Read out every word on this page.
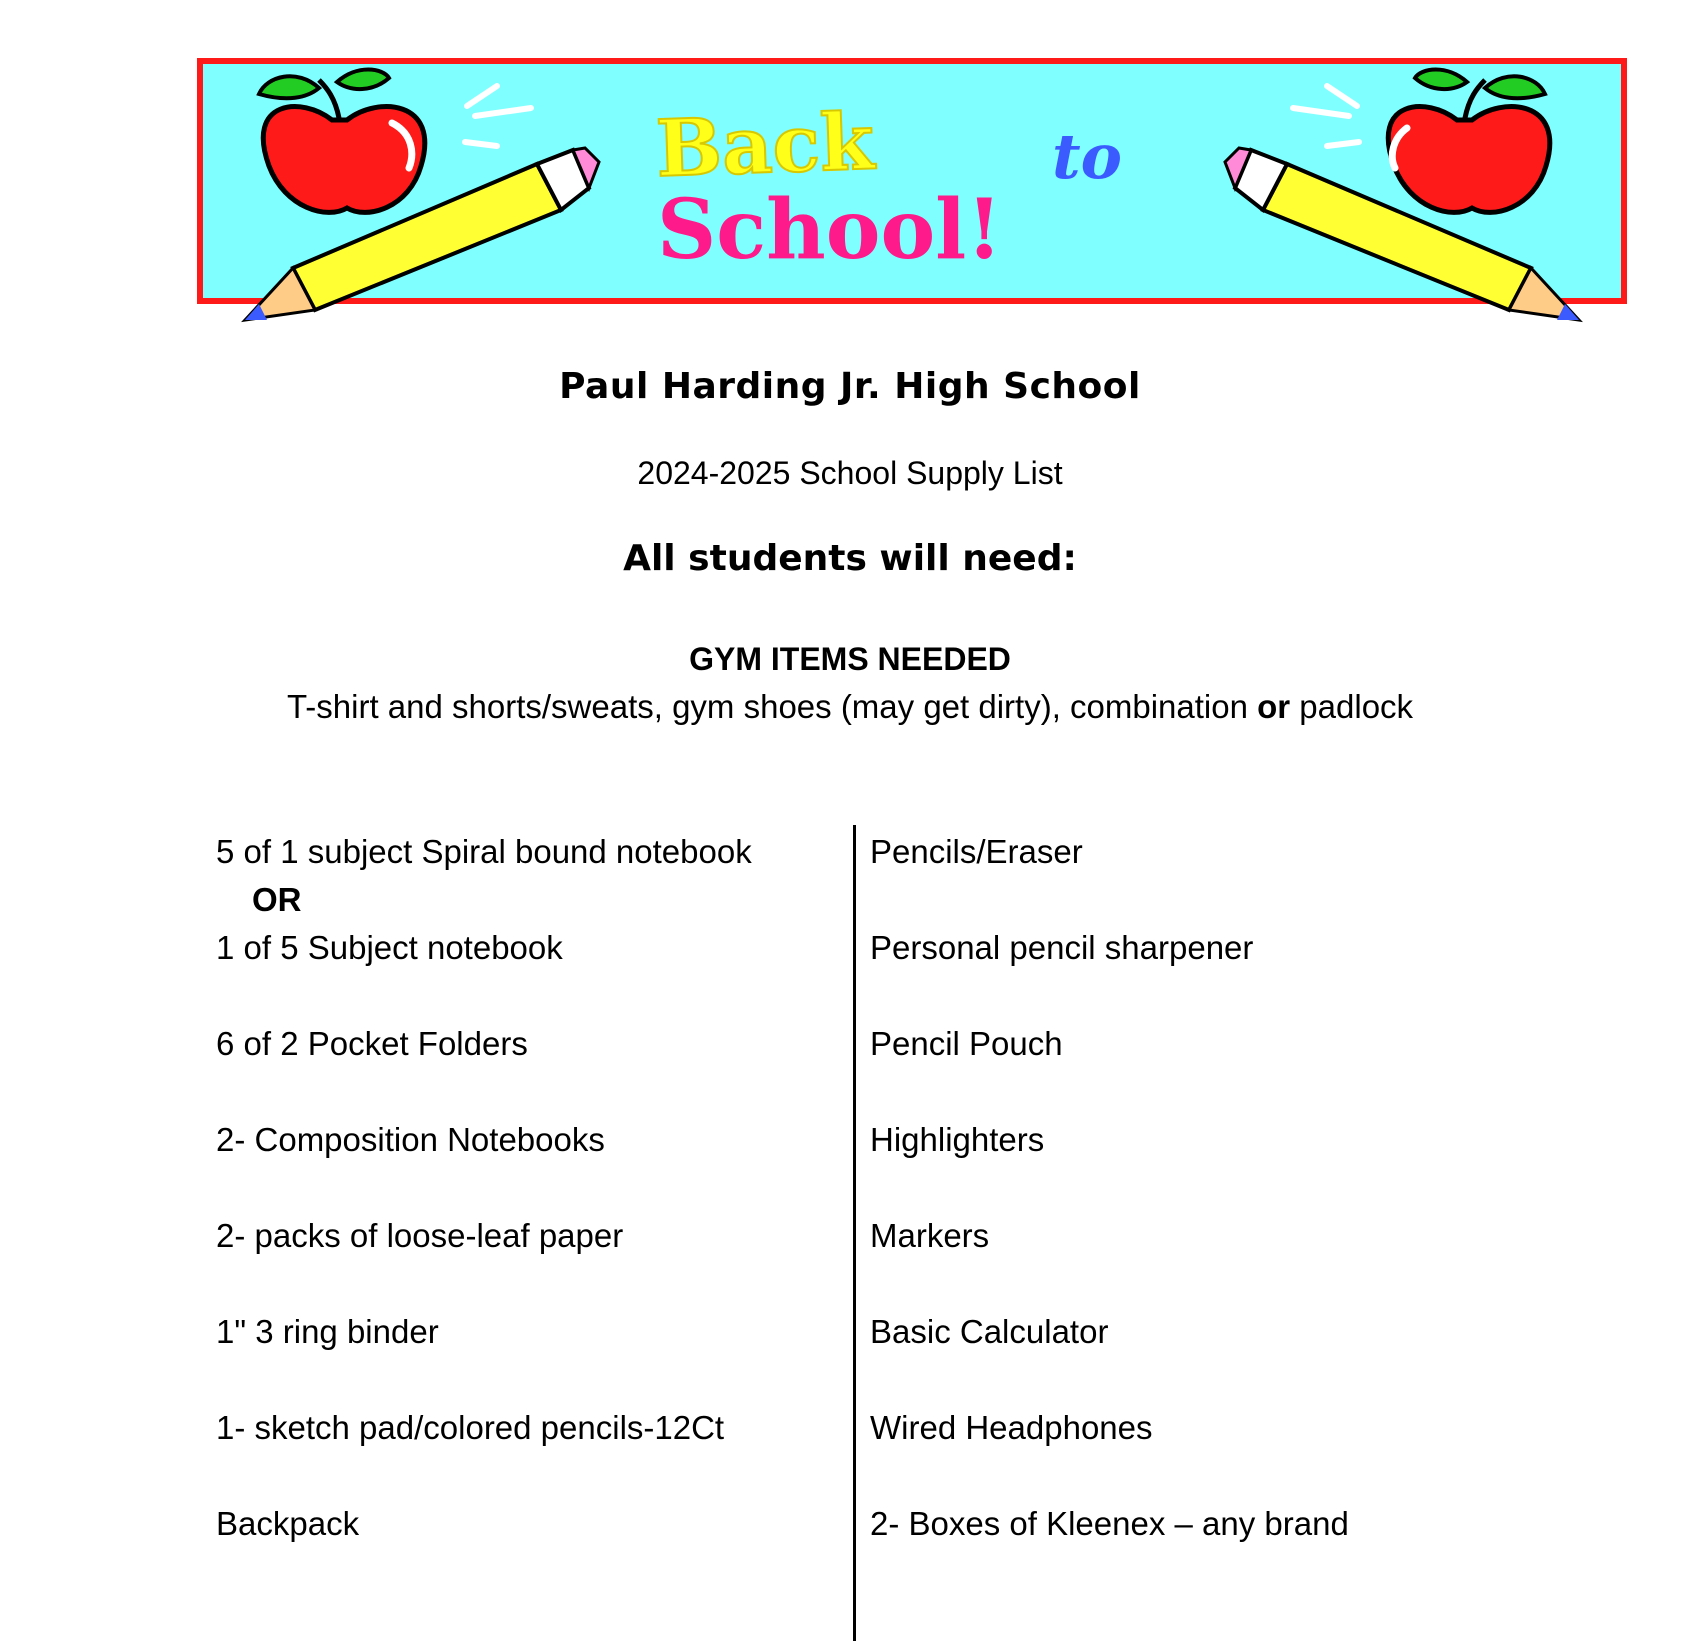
Back	to
School!
Paul Harding Jr. High School
2024-2025 School Supply List
All students will need:
GYM ITEMS NEEDED
T-shirt and shorts/sweats, gym shoes (may get dirty), combination or padlock
5 of 1 subject Spiral bound notebook
OR
1 of 5 Subject notebook
6 of 2 Pocket Folders
2- Composition Notebooks
2- packs of loose-leaf paper
1" 3 ring binder
1- sketch pad/colored pencils-12Ct
Backpack
Pencils/Eraser
Personal pencil sharpener
Pencil Pouch
Highlighters
Markers
Basic Calculator
Wired Headphones
2- Boxes of Kleenex – any brand
